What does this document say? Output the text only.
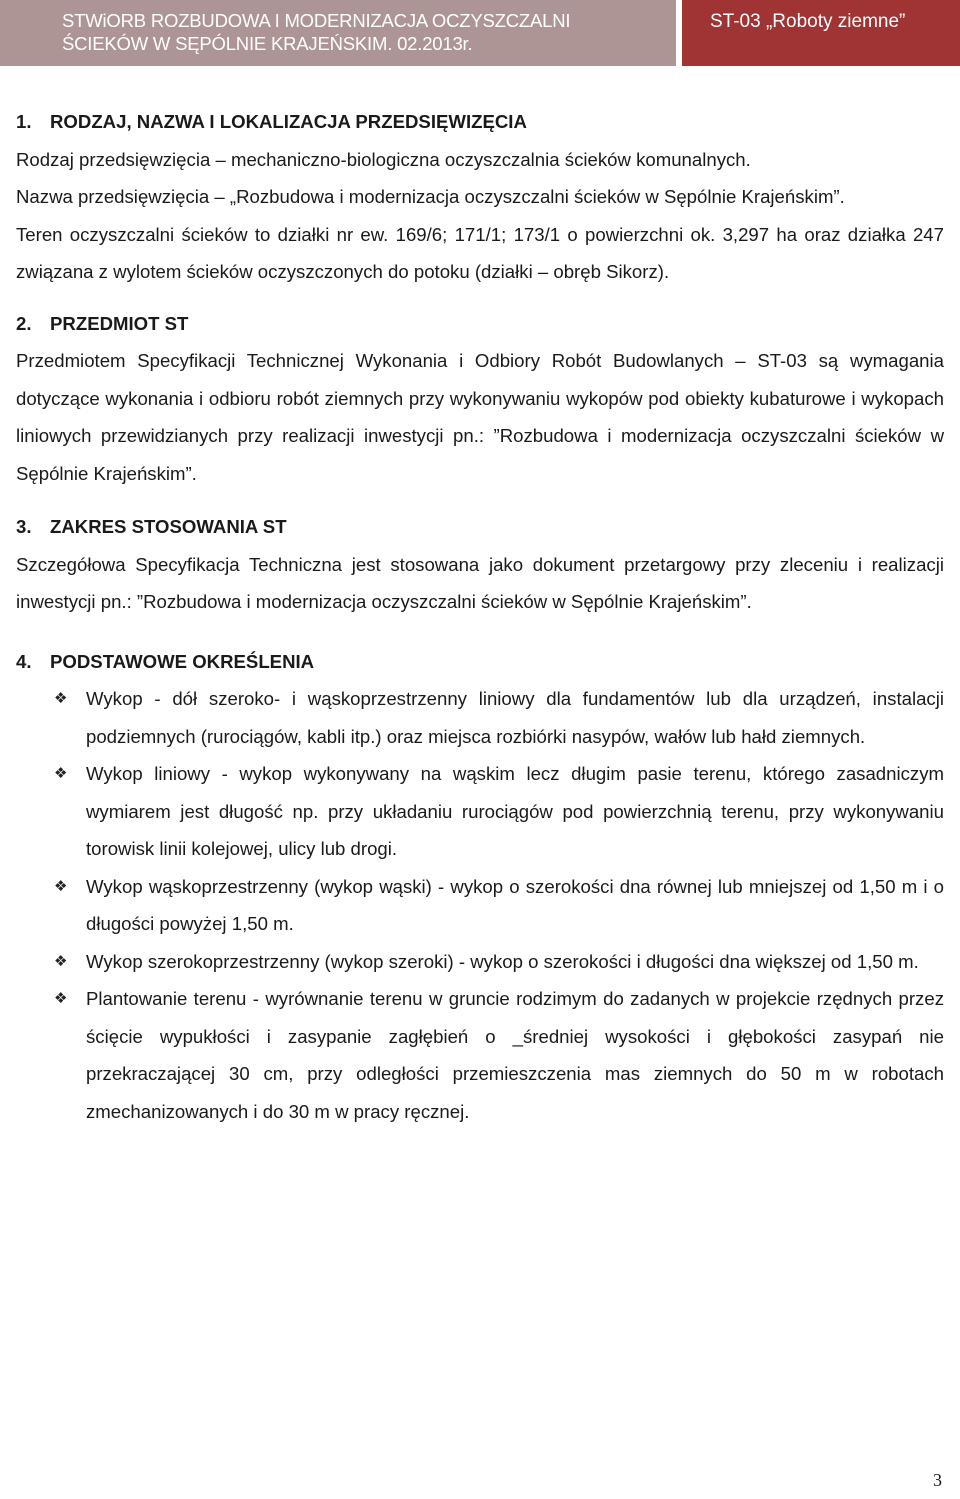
STWiORB ROZBUDOWA I MODERNIZACJA OCZYSZCZALNI
ŚCIEKÓW W SĘPÓLNIE KRAJEŃSKIM. 02.2013r.
ST-03 „Roboty ziemne”
1. RODZAJ, NAZWA I LOKALIZACJA PRZEDSIĘWIZĘCIA

Rodzaj przedsięwzięcia – mechaniczno-biologiczna oczyszczalnia ścieków komunalnych.

Nazwa przedsięwzięcia – „Rozbudowa i modernizacja oczyszczalni ścieków w Sępólnie Krajeńskim”.

Teren oczyszczalni ścieków to działki nr ew. 169/6; 171/1; 173/1 o powierzchni ok. 3,297 ha oraz działka 247 związana z wylotem ścieków oczyszczonych do potoku (działki – obręb Sikorz).

2. PRZEDMIOT ST

Przedmiotem Specyfikacji Technicznej Wykonania i Odbiory Robót Budowlanych – ST-03 są wymagania dotyczące wykonania i odbioru robót ziemnych przy wykonywaniu wykopów pod obiekty kubaturowe i wykopach liniowych przewidzianych przy realizacji inwestycji pn.: ”Rozbudowa i modernizacja oczyszczalni ścieków w Sępólnie Krajeńskim”.

3. ZAKRES STOSOWANIA ST

Szczegółowa Specyfikacja Techniczna jest stosowana jako dokument przetargowy przy zleceniu i realizacji inwestycji pn.: ”Rozbudowa i modernizacja oczyszczalni ścieków w Sępólnie Krajeńskim”.

4. PODSTAWOWE OKREŚLENIA
❖ Wykop - dół szeroko- i wąskoprzestrzenny liniowy dla fundamentów lub dla urządzeń, instalacji podziemnych (rurociągów, kabli itp.) oraz miejsca rozbiórki nasypów, wałów lub hałd ziemnych.
❖ Wykop liniowy - wykop wykonywany na wąskim lecz długim pasie terenu, którego zasadniczym wymiarem jest długość np. przy układaniu rurociągów pod powierzchnią terenu, przy wykonywaniu torowisk linii kolejowej, ulicy lub drogi.
❖ Wykop wąskoprzestrzenny (wykop wąski) - wykop o szerokości dna równej lub mniejszej od 1,50 m i o długości powyżej 1,50 m.
❖ Wykop szerokoprzestrzenny (wykop szeroki) - wykop o szerokości i długości dna większej od 1,50 m.
❖ Plantowanie terenu - wyrównanie terenu w gruncie rodzimym do zadanych w projekcie rzędnych przez ścięcie wypukłości i zasypanie zagłębień o _średniej wysokości i głębokości zasypań nie przekraczającej 30 cm, przy odległości przemieszczenia mas ziemnych do 50 m w robotach zmechanizowanych i do 30 m w pracy ręcznej.
3
